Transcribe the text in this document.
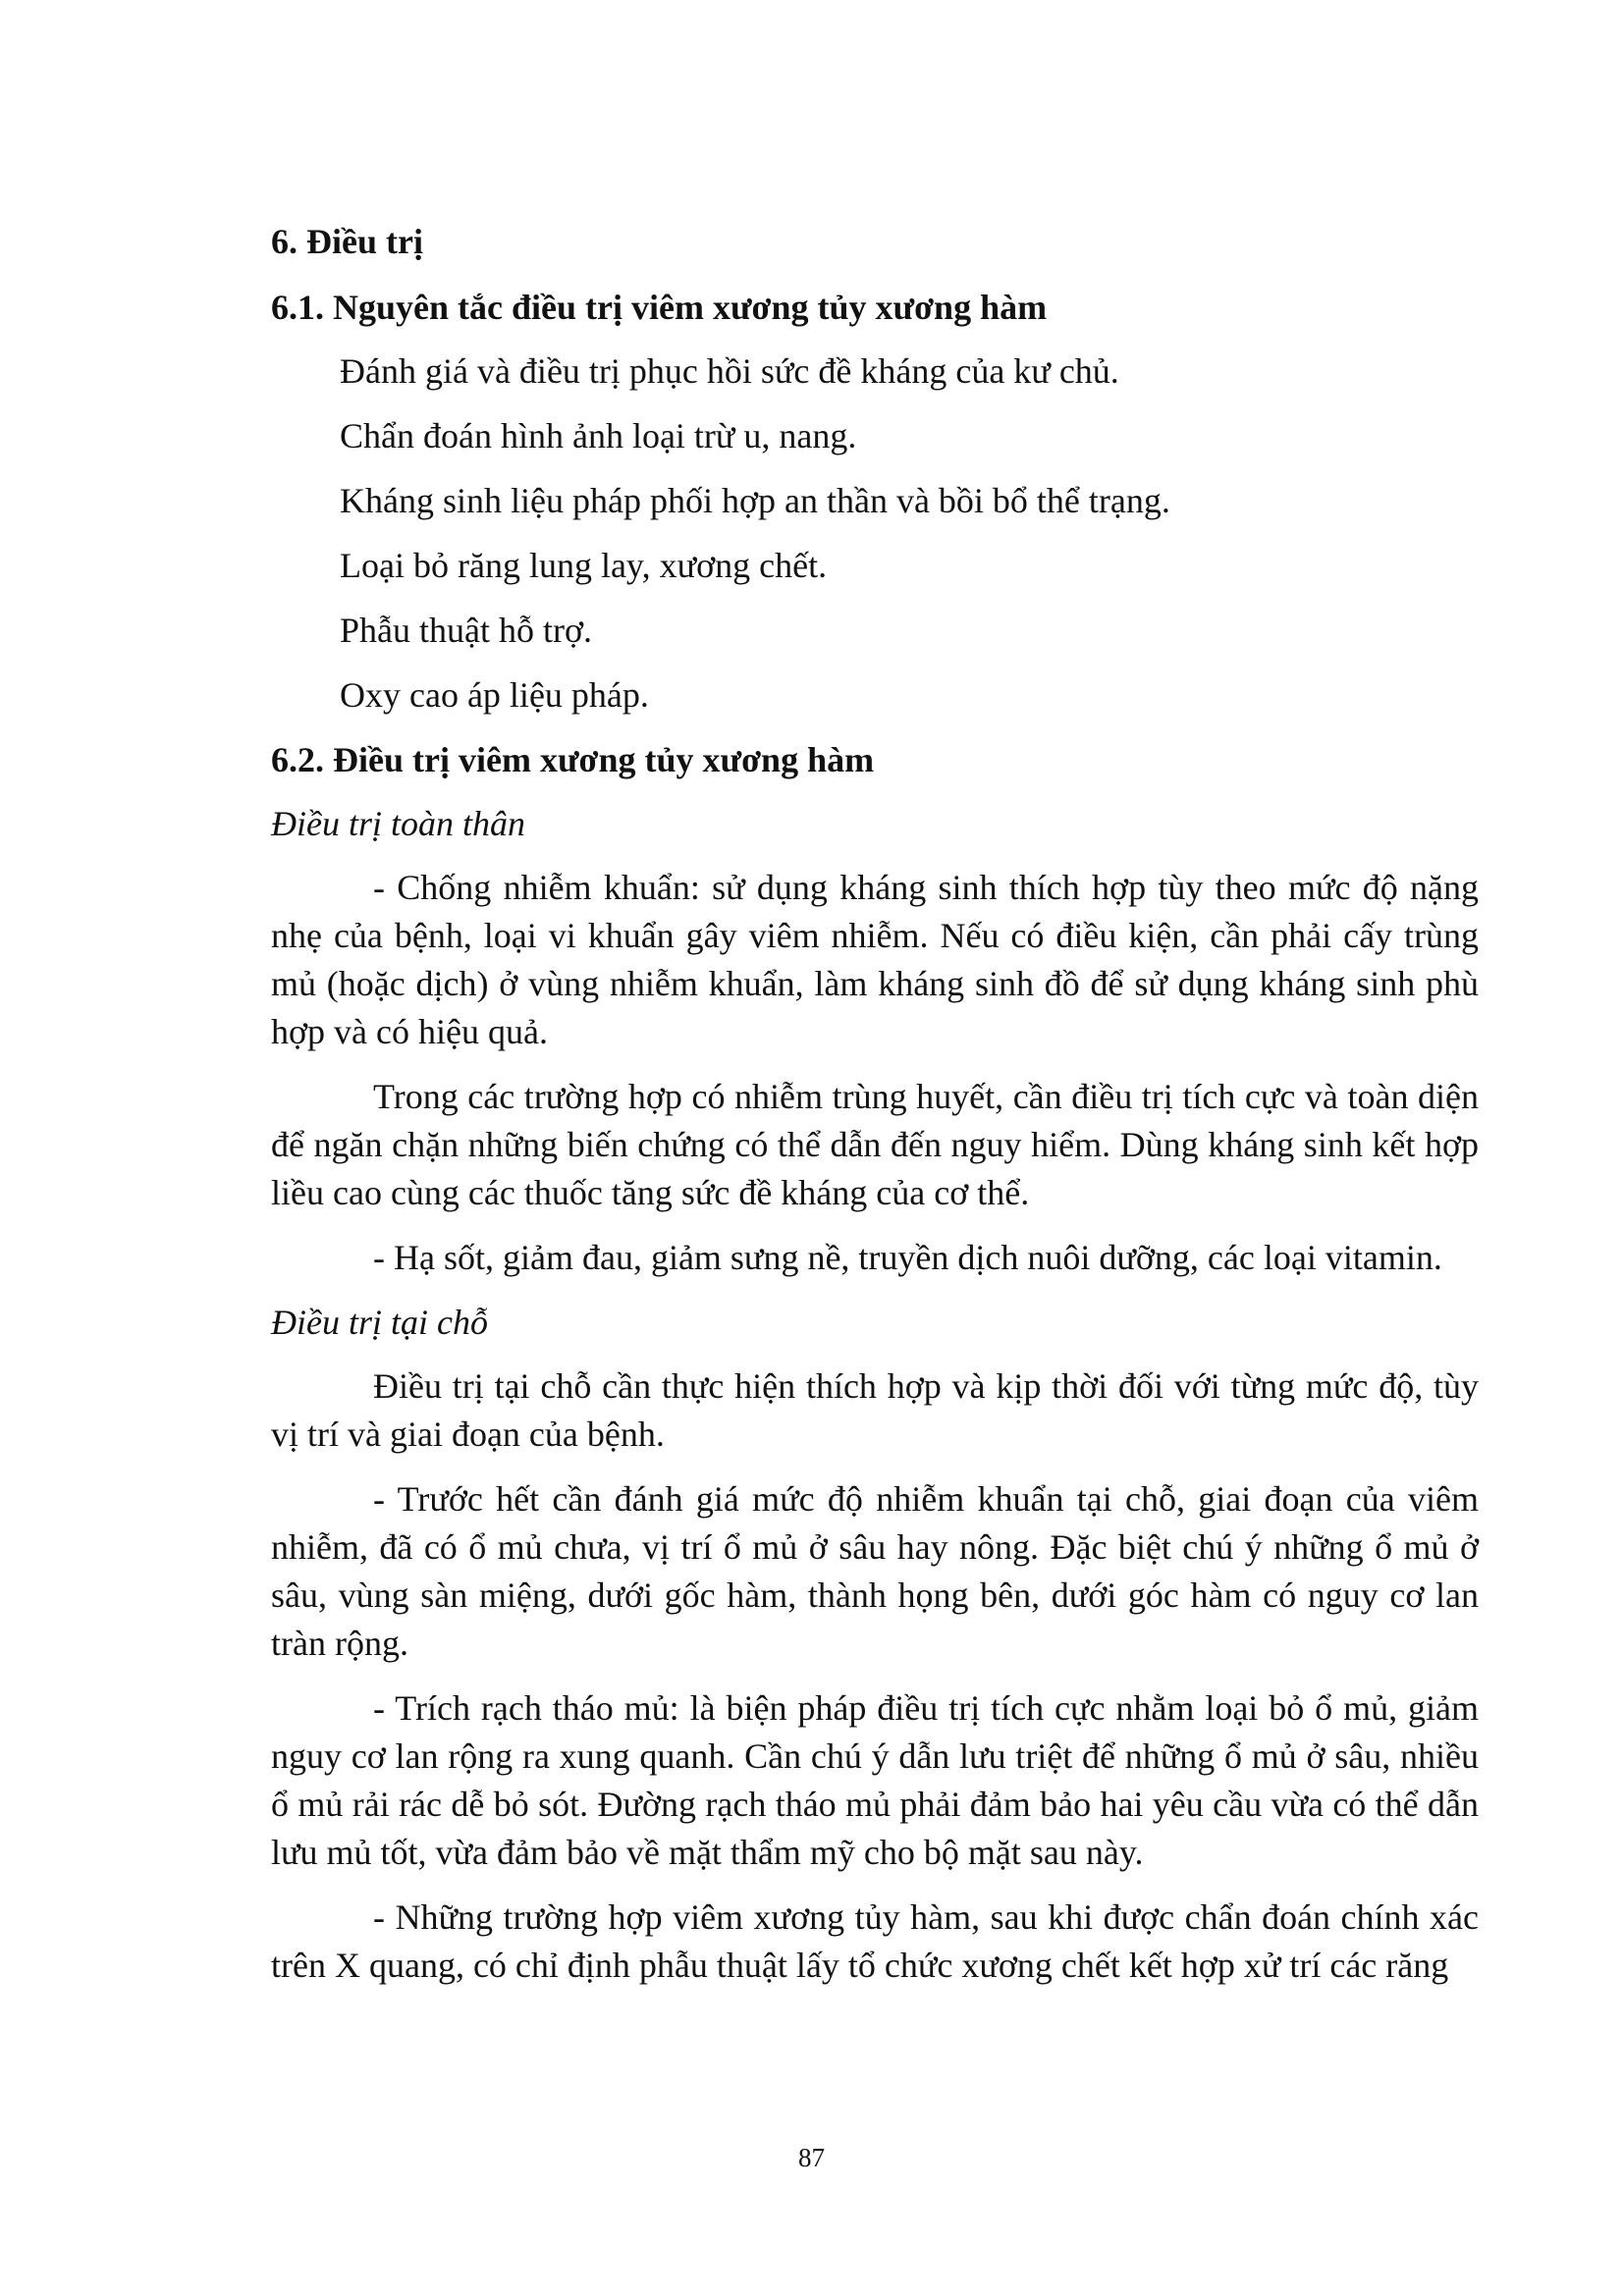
6. Điều trị

6.1. Nguyên tắc điều trị viêm xương tủy xương hàm

Đánh giá và điều trị phục hồi sức đề kháng của kư chủ.

Chẩn đoán hình ảnh loại trừ u, nang.

Kháng sinh liệu pháp phối hợp an thần và bồi bổ thể trạng.

Loại bỏ răng lung lay, xương chết.

Phẫu thuật hỗ trợ.

Oxy cao áp liệu pháp.

6.2. Điều trị viêm xương tủy xương hàm

Điều trị toàn thân

- Chống nhiễm khuẩn: sử dụng kháng sinh thích hợp tùy theo mức độ nặng nhẹ của bệnh, loại vi khuẩn gây viêm nhiễm. Nếu có điều kiện, cần phải cấy trùng mủ (hoặc dịch) ở vùng nhiễm khuẩn, làm kháng sinh đồ để sử dụng kháng sinh phù hợp và có hiệu quả.

Trong các trường hợp có nhiễm trùng huyết, cần điều trị tích cực và toàn diện để ngăn chặn những biến chứng có thể dẫn đến nguy hiểm. Dùng kháng sinh kết hợp liều cao cùng các thuốc tăng sức đề kháng của cơ thể.

- Hạ sốt, giảm đau, giảm sưng nề, truyền dịch nuôi dưỡng, các loại vitamin.

Điều trị tại chỗ

Điều trị tại chỗ cần thực hiện thích hợp và kịp thời đối với từng mức độ, tùy vị trí và giai đoạn của bệnh.

- Trước hết cần đánh giá mức độ nhiễm khuẩn tại chỗ, giai đoạn của viêm nhiễm, đã có ổ mủ chưa, vị trí ổ mủ ở sâu hay nông. Đặc biệt chú ý những ổ mủ ở sâu, vùng sàn miệng, dưới gốc hàm, thành họng bên, dưới góc hàm có nguy cơ lan tràn rộng.

- Trích rạch tháo mủ: là biện pháp điều trị tích cực nhằm loại bỏ ổ mủ, giảm nguy cơ lan rộng ra xung quanh. Cần chú ý dẫn lưu triệt để những ổ mủ ở sâu, nhiều ổ mủ rải rác dễ bỏ sót. Đường rạch tháo mủ phải đảm bảo hai yêu cầu vừa có thể dẫn lưu mủ tốt, vừa đảm bảo về mặt thẩm mỹ cho bộ mặt sau này.

- Những trường hợp viêm xương tủy hàm, sau khi được chẩn đoán chính xác trên X quang, có chỉ định phẫu thuật lấy tổ chức xương chết kết hợp xử trí các răng

87
